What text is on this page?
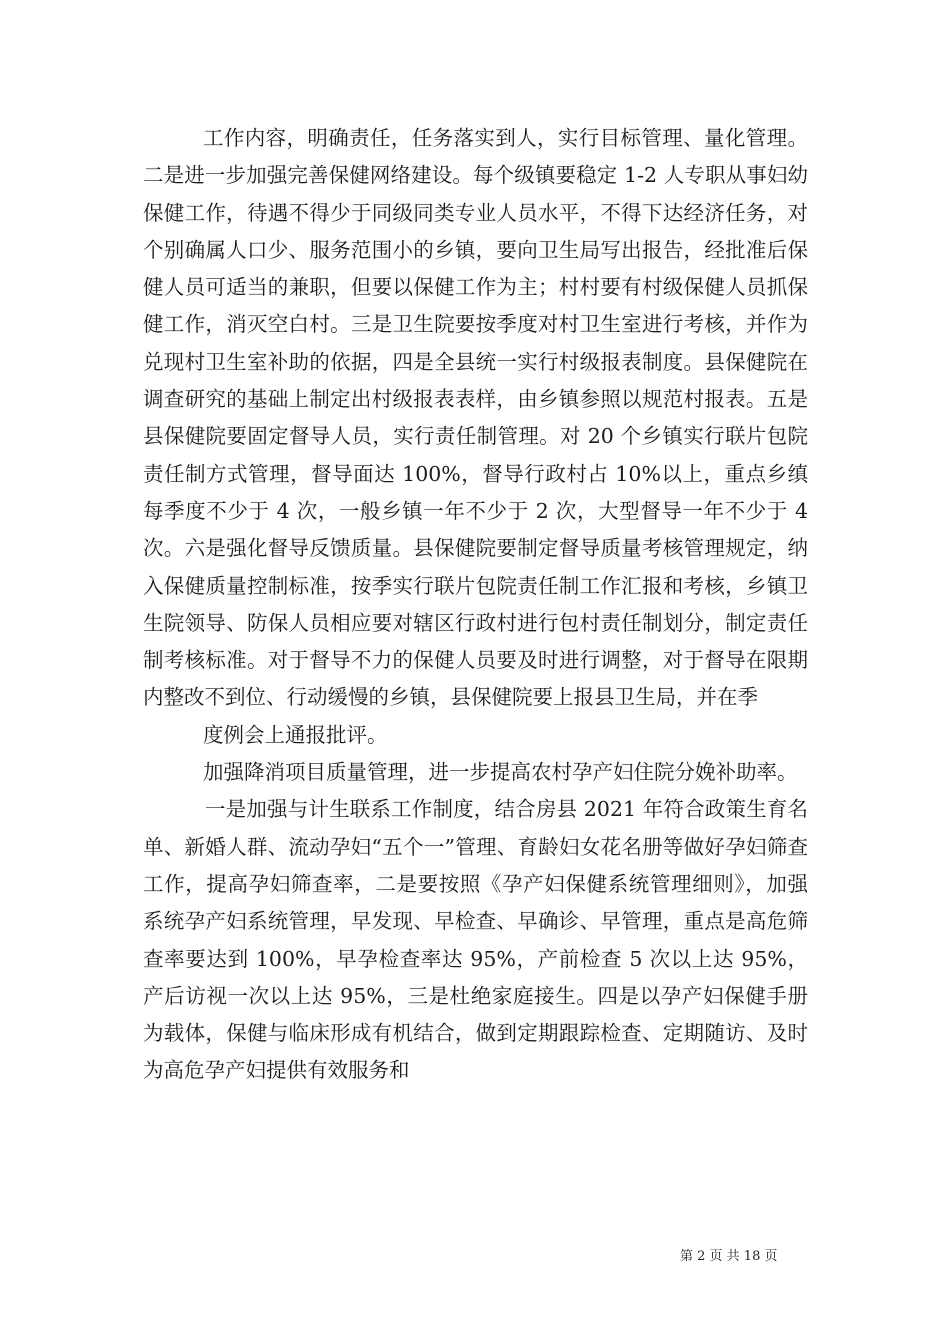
工作内容，明确责任，任务落实到人，实行目标管理、量化管理。二是进一步加强完善保健网络建设。每个级镇要稳定 1-2 人专职从事妇幼保健工作，待遇不得少于同级同类专业人员水平，不得下达经济任务，对个别确属人口少、服务范围小的乡镇，要向卫生局写出报告，经批准后保健人员可适当的兼职，但要以保健工作为主；村村要有村级保健人员抓保健工作，消灭空白村。三是卫生院要按季度对村卫生室进行考核，并作为兑现村卫生室补助的依据，四是全县统一实行村级报表制度。县保健院在调查研究的基础上制定出村级报表表样，由乡镇参照以规范村报表。五是县保健院要固定督导人员，实行责任制管理。对 20 个乡镇实行联片包院责任制方式管理，督导面达 100%，督导行政村占 10%以上，重点乡缜每季度不少于 4 次，一般乡镇一年不少于 2 次，大型督导一年不少于 4 次。六是强化督导反馈质量。县保健院要制定督导质量考核管理规定，纳入保健质量控制标准，按季实行联片包院责任制工作汇报和考核，乡镇卫生院领导、防保人员相应要对辖区行政村进行包村责任制划分，制定责任制考核标准。对于督导不力的保健人员要及时进行调整，对于督导在限期内整改不到位、行动缓慢的乡镇，县保健院要上报县卫生局，并在季

度例会上通报批评。

加强降消项目质量管理，进一步提高农村孕产妇住院分娩补助率。

一是加强与计生联系工作制度，结合房县 2021 年符合政策生育名单、新婚人群、流动孕妇“五个一”管理、育龄妇女花名册等做好孕妇筛查工作，提高孕妇筛查率，二是要按照《孕产妇保健系统管理细则》，加强系统孕产妇系统管理，早发现、早检查、早确诊、早管理，重点是高危筛查率要达到 100%，早孕检查率达 95%，产前检查 5 次以上达 95%，产后访视一次以上达 95%，三是杜绝家庭接生。四是以孕产妇保健手册为载体，保健与临床形成有机结合，做到定期跟踪检查、定期随访、及时为高危孕产妇提供有效服务和

第 2 页 共 18 页
